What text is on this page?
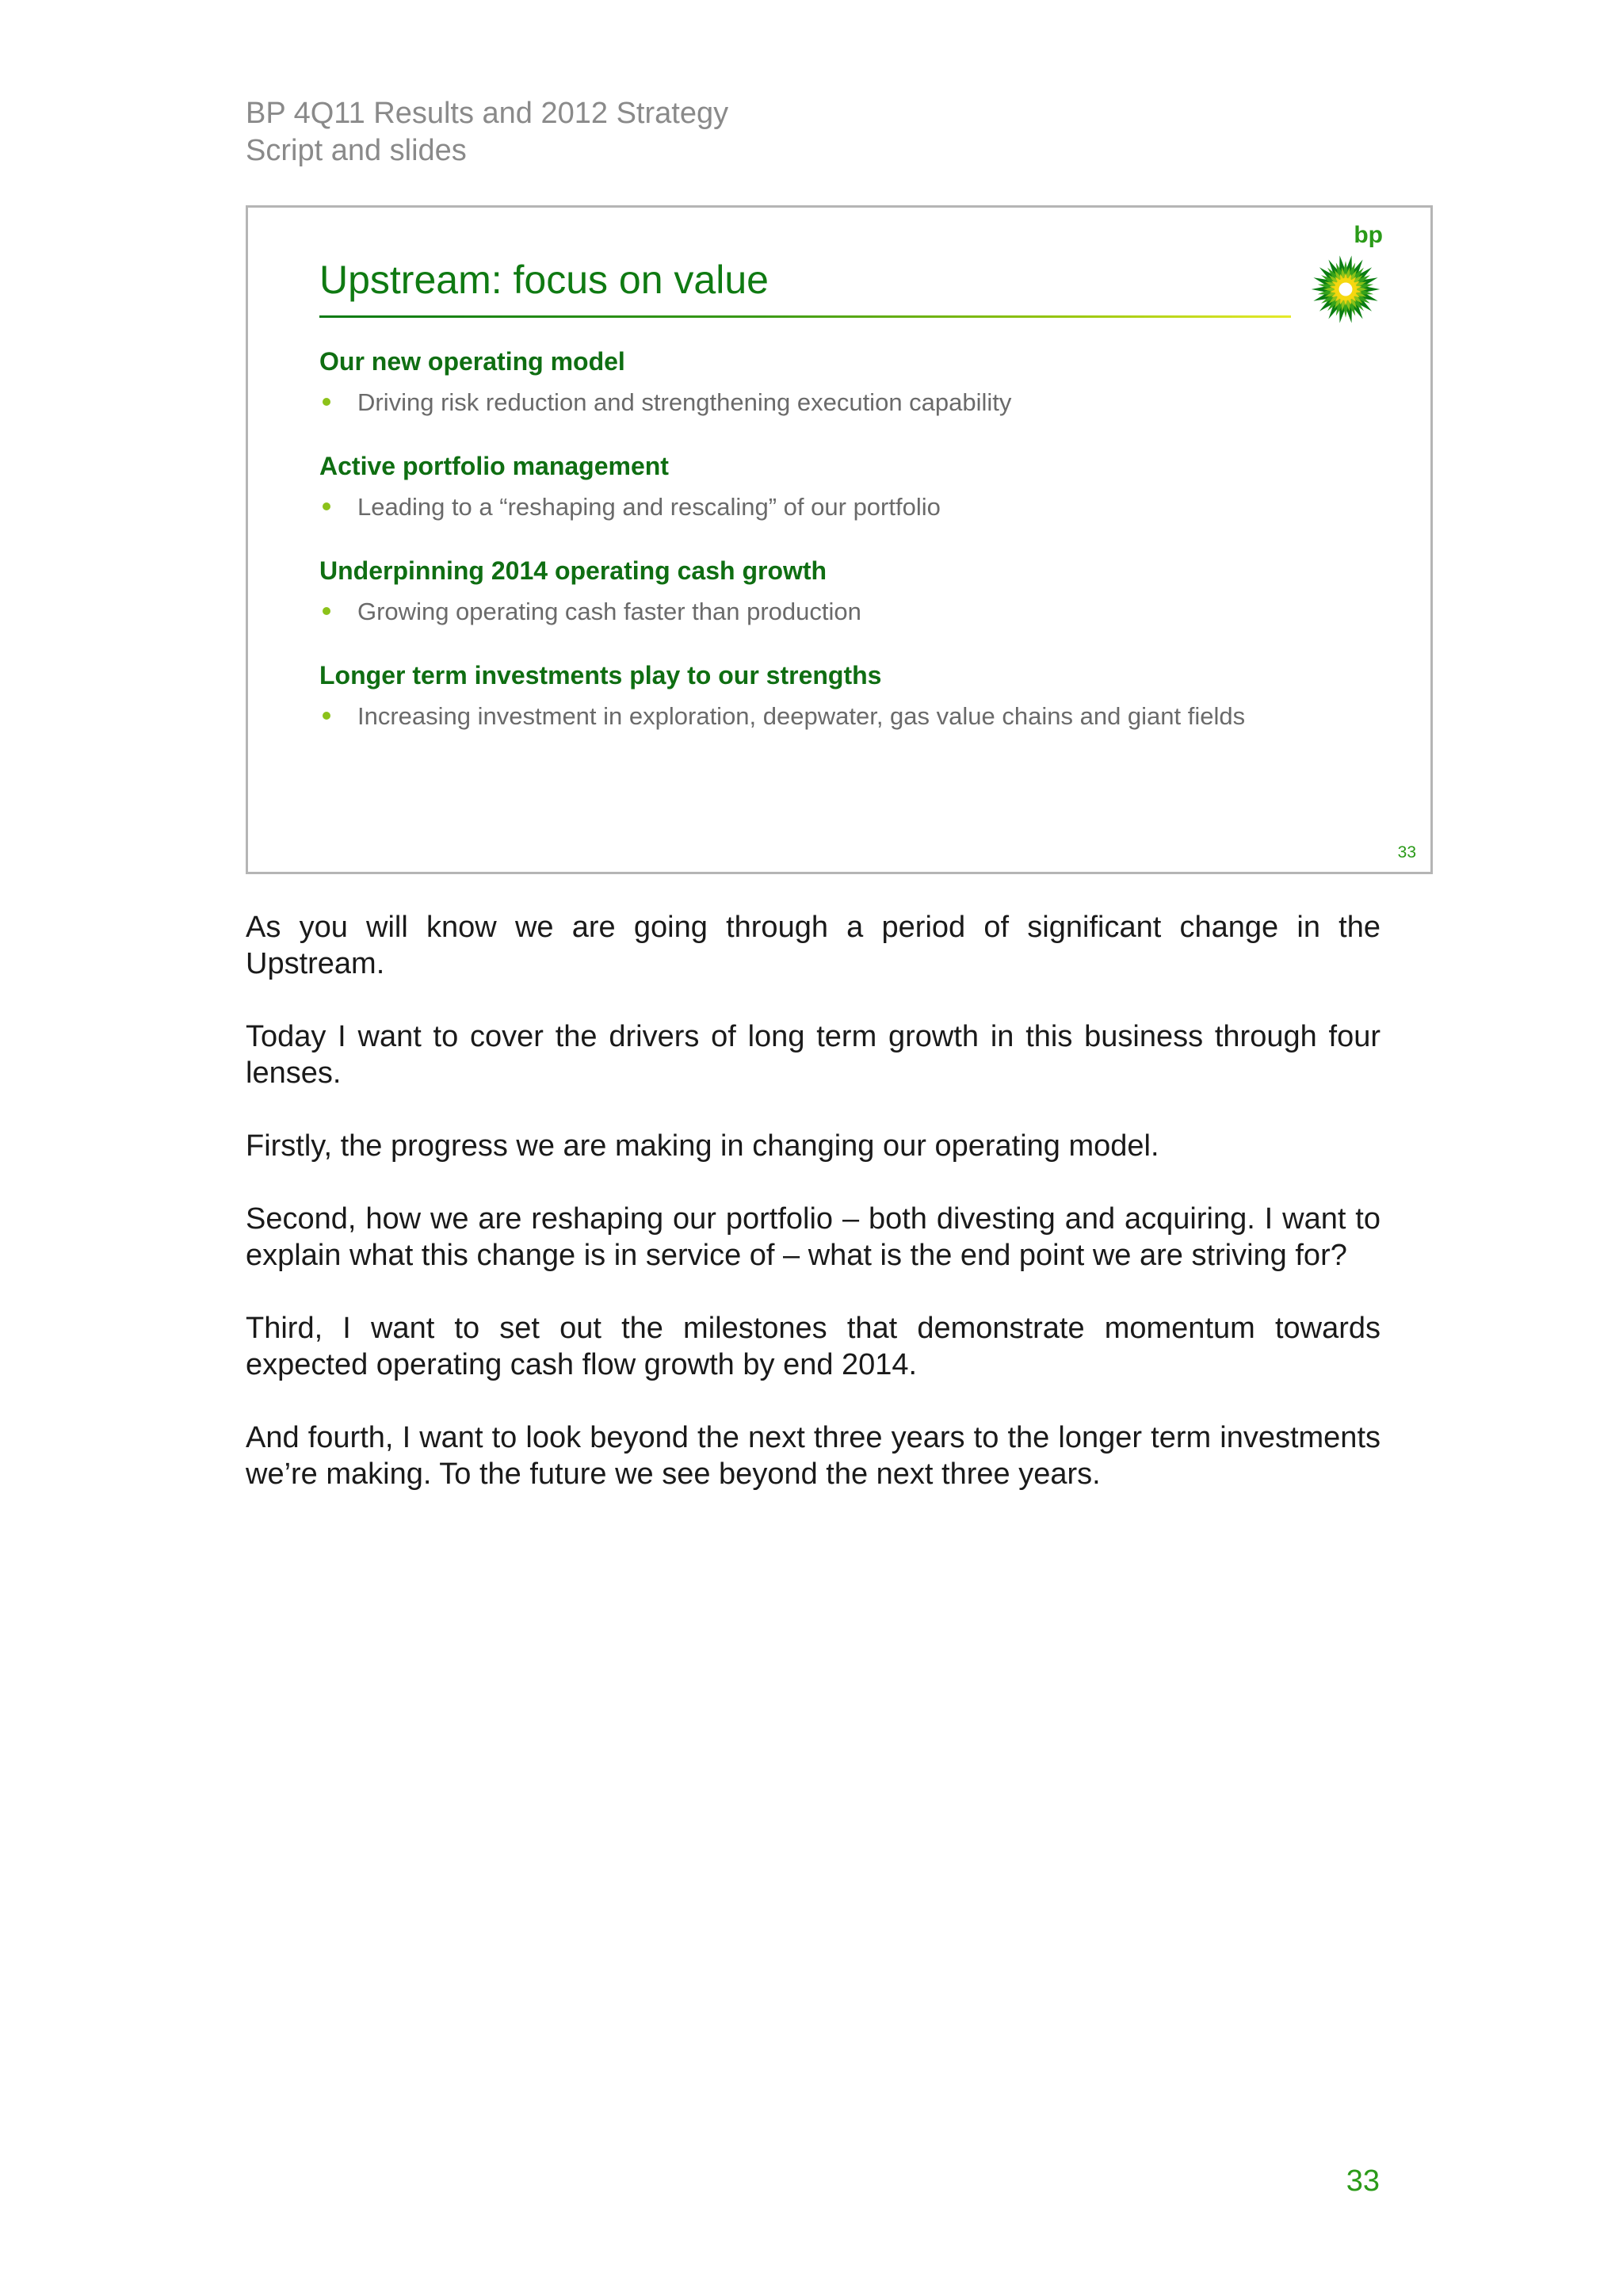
BP 4Q11 Results and 2012 Strategy
Script and slides
Upstream: focus on value
bp
Our new operating model
Driving risk reduction and strengthening execution capability
Active portfolio management
Leading to a “reshaping and rescaling” of our portfolio
Underpinning 2014 operating cash growth
Growing operating cash faster than production
Longer term investments play to our strengths
Increasing investment in exploration, deepwater, gas value chains and giant fields
33

As you will know we are going through a period of significant change in the Upstream.

Today I want to cover the drivers of long term growth in this business through four lenses.

Firstly, the progress we are making in changing our operating model.

Second, how we are reshaping our portfolio – both divesting and acquiring. I want to explain what this change is in service of – what is the end point we are striving for?

Third, I want to set out the milestones that demonstrate momentum towards expected operating cash flow growth by end 2014.

And fourth, I want to look beyond the next three years to the longer term investments we’re making. To the future we see beyond the next three years.

33
